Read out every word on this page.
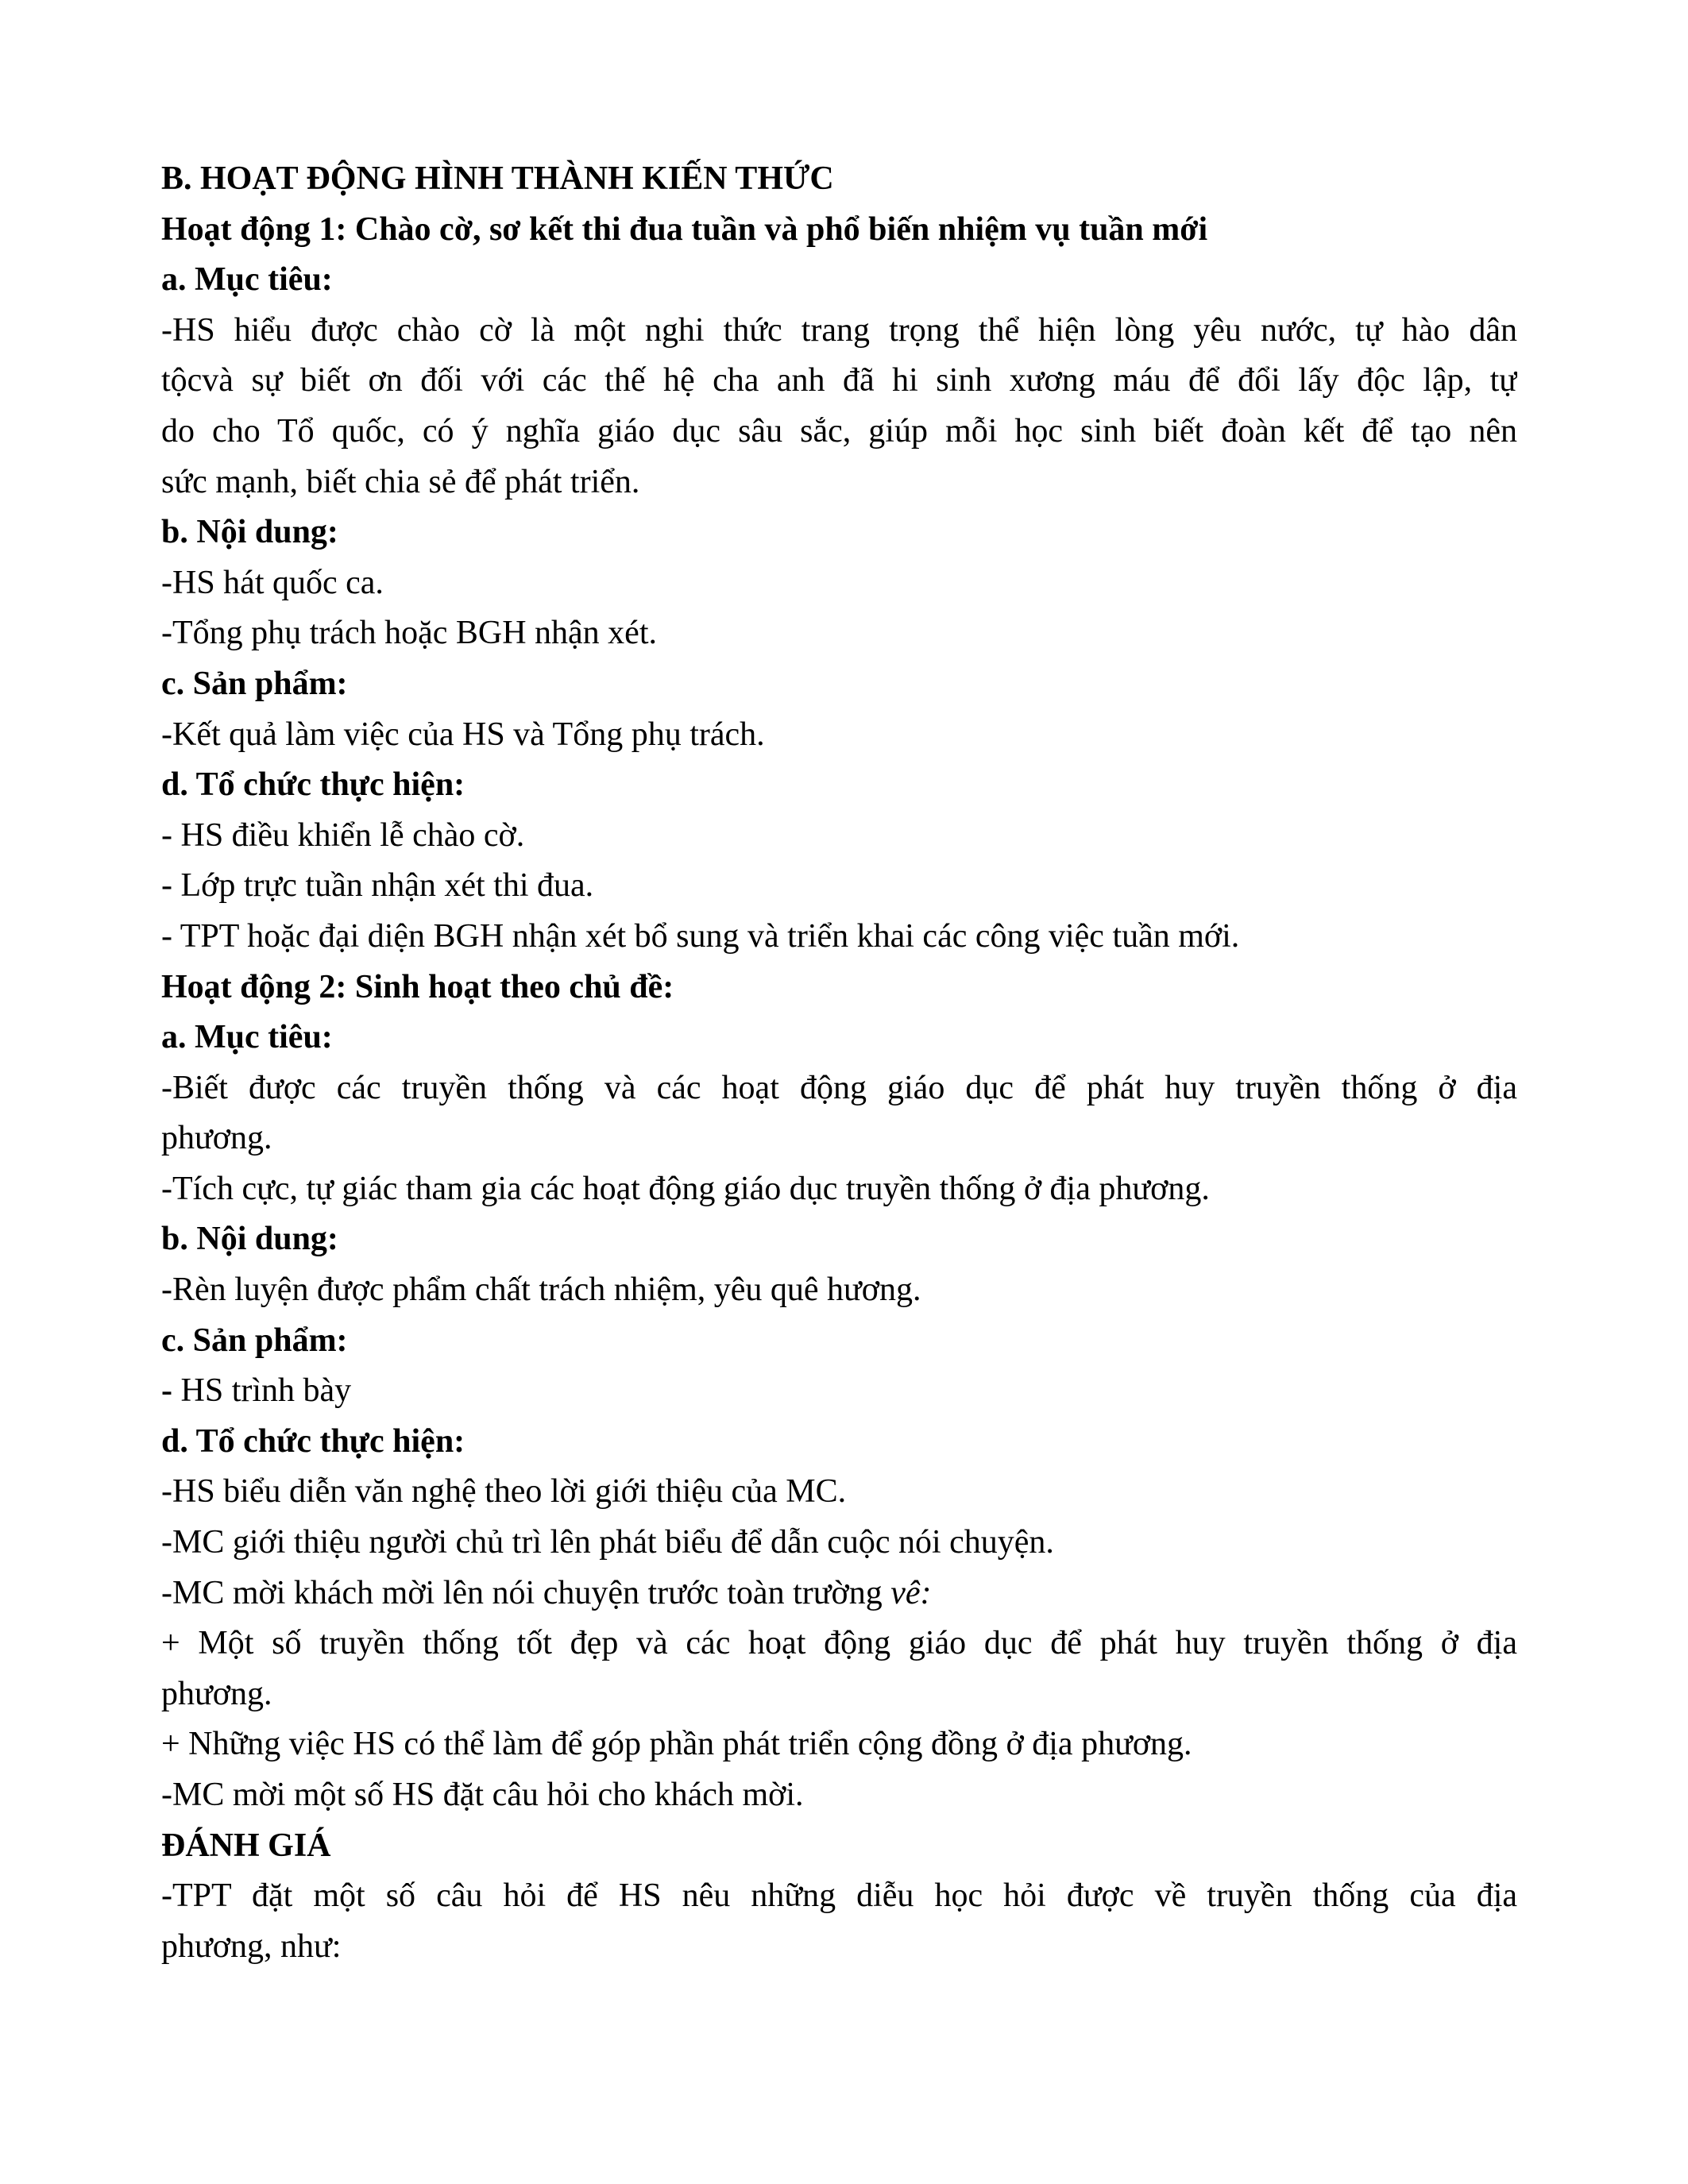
B. HOẠT ĐỘNG HÌNH THÀNH KIẾN THỨC
Hoạt động 1: Chào cờ, sơ kết thi đua tuần và phổ biến nhiệm vụ tuần mới
a. Mục tiêu:
-HS hiểu được chào cờ là một nghi thức trang trọng thể hiện lòng yêu nước, tự hào dân
tộcvà sự biết ơn đối với các thế hệ cha anh đã hi sinh xương máu để đổi lấy độc lập, tự
do cho Tổ quốc, có ý nghĩa giáo dục sâu sắc, giúp mỗi học sinh biết đoàn kết để tạo nên
sức mạnh, biết chia sẻ để phát triển.
b. Nội dung:
-HS hát quốc ca.
-Tổng phụ trách hoặc BGH nhận xét.
c. Sản phẩm:
-Kết quả làm việc của HS và Tổng phụ trách.
d. Tổ chức thực hiện:
- HS điều khiển lễ chào cờ.
- Lớp trực tuần nhận xét thi đua.
- TPT hoặc đại diện BGH nhận xét bổ sung và triển khai các công việc tuần mới.
Hoạt động 2: Sinh hoạt theo chủ đề:
a. Mục tiêu:
-Biết được các truyền thống và các hoạt động giáo dục để phát huy truyền thống ở địa
phương.
-Tích cực, tự giác tham gia các hoạt động giáo dục truyền thống ở địa phương.
b. Nội dung:
-Rèn luyện được phẩm chất trách nhiệm, yêu quê hương.
c. Sản phẩm:
- HS trình bày
d. Tổ chức thực hiện:
-HS biểu diễn văn nghệ theo lời giới thiệu của MC.
-MC giới thiệu người chủ trì lên phát biểu để dẫn cuộc nói chuyện.
-MC mời khách mời lên nói chuyện trước toàn trường vê:
+ Một số truyền thống tốt đẹp và các hoạt động giáo dục để phát huy truyền thống ở địa
phương.
+ Những việc HS có thể làm để góp phần phát triển cộng đồng ở địa phương.
-MC mời một số HS đặt câu hỏi cho khách mời.
ĐÁNH GIÁ
-TPT đặt một số câu hỏi để HS nêu những diễu học hỏi được về truyền thống của địa
phương, như:
